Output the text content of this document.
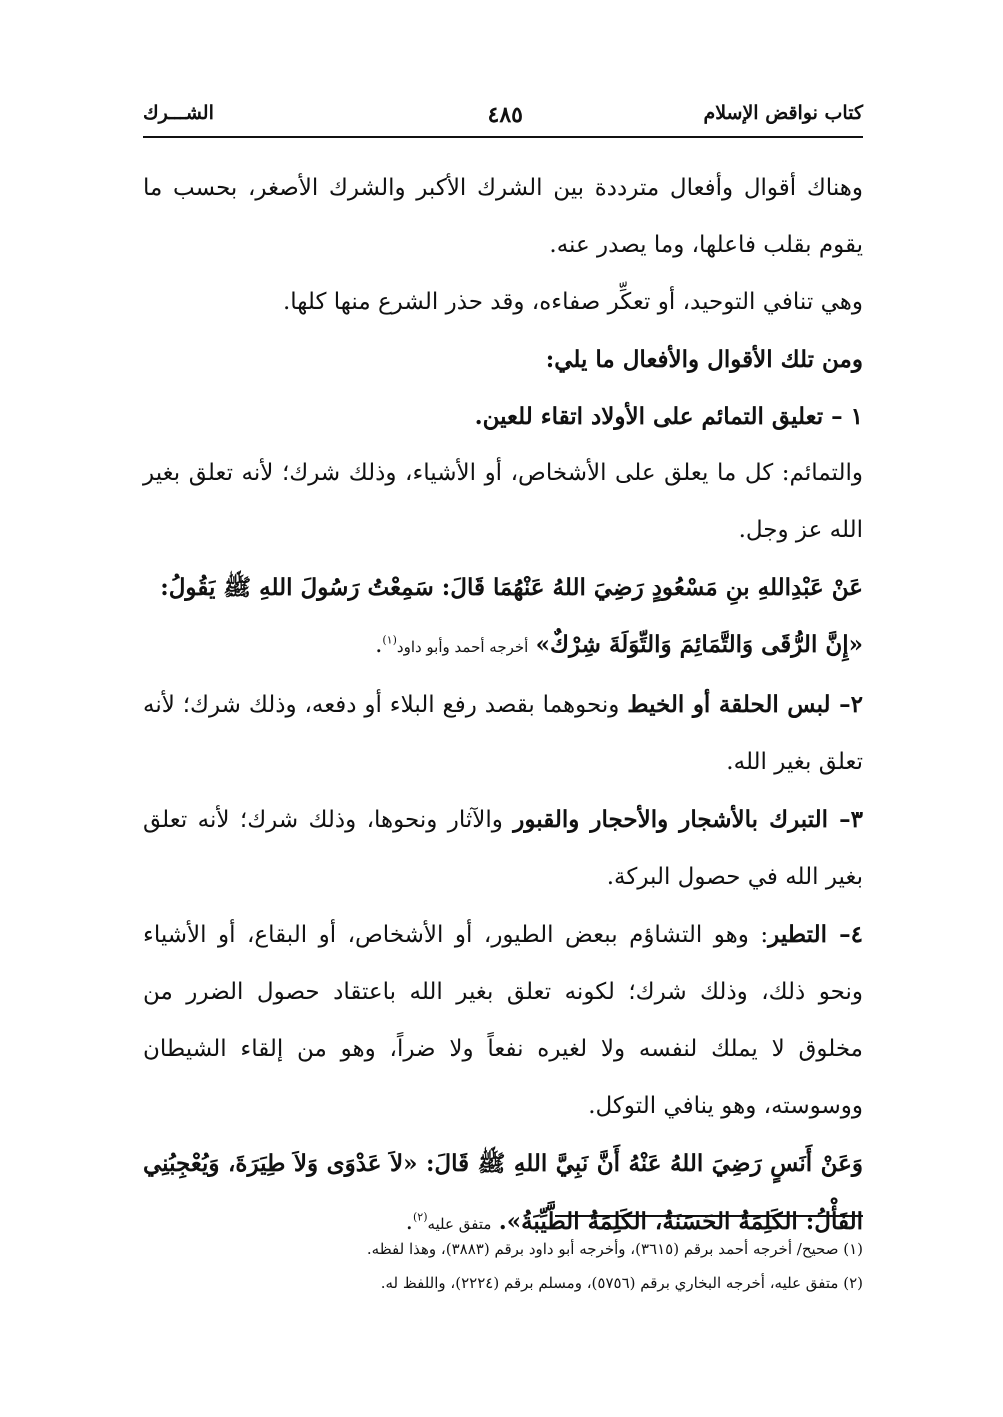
كتاب نواقض الإسلام
٤٨٥
الشـــرك

وهناك أقوال وأفعال مترددة بين الشرك الأكبر والشرك الأصغر، بحسب ما يقوم بقلب فاعلها، وما يصدر عنه.

وهي تنافي التوحيد، أو تعكِّر صفاءه، وقد حذر الشرع منها كلها.

ومن تلك الأقوال والأفعال ما يلي:

١ – تعليق التمائم على الأولاد اتقاء للعين.

والتمائم: كل ما يعلق على الأشخاص، أو الأشياء، وذلك شرك؛ لأنه تعلق بغير الله عز وجل.

عَنْ عَبْدِاللهِ بنِ مَسْعُودٍ رَضِيَ اللهُ عَنْهُمَا قَالَ: سَمِعْتُ رَسُولَ اللهِ ﷺ يَقُولُ:

«إِنَّ الرُّقَى وَالتَّمَائِمَ وَالتِّوَلَةَ شِرْكٌ» أخرجه أحمد وأبو داود$^{(١)}$.

٢– لبس الحلقة أو الخيط ونحوهما بقصد رفع البلاء أو دفعه، وذلك شرك؛ لأنه تعلق بغير الله.

٣– التبرك بالأشجار والأحجار والقبور والآثار ونحوها، وذلك شرك؛ لأنه تعلق بغير الله في حصول البركة.

٤– التطير: وهو التشاؤم ببعض الطيور، أو الأشخاص، أو البقاع، أو الأشياء ونحو ذلك، وذلك شرك؛ لكونه تعلق بغير الله باعتقاد حصول الضرر من مخلوق لا يملك لنفسه ولا لغيره نفعاً ولا ضراً، وهو من إلقاء الشيطان ووسوسته، وهو ينافي التوكل.

وَعَنْ أَنَسٍ رَضِيَ اللهُ عَنْهُ أَنَّ نَبِيَّ اللهِ ﷺ قَالَ: «لاَ عَدْوَى وَلاَ طِيَرَةَ، وَيُعْجِبُنِي الفَأْلُ: الكَلِمَةُ الحَسَنَةُ، الكَلِمَةُ الطَّيِّبَةُ». متفق عليه$^{(٢)}$.

(١) صحيح/ أخرجه أحمد برقم (٣٦١٥)، وأخرجه أبو داود برقم (٣٨٨٣)، وهذا لفظه.

(٢) متفق عليه، أخرجه البخاري برقم (٥٧٥٦)، ومسلم برقم (٢٢٢٤)، واللفظ له.
